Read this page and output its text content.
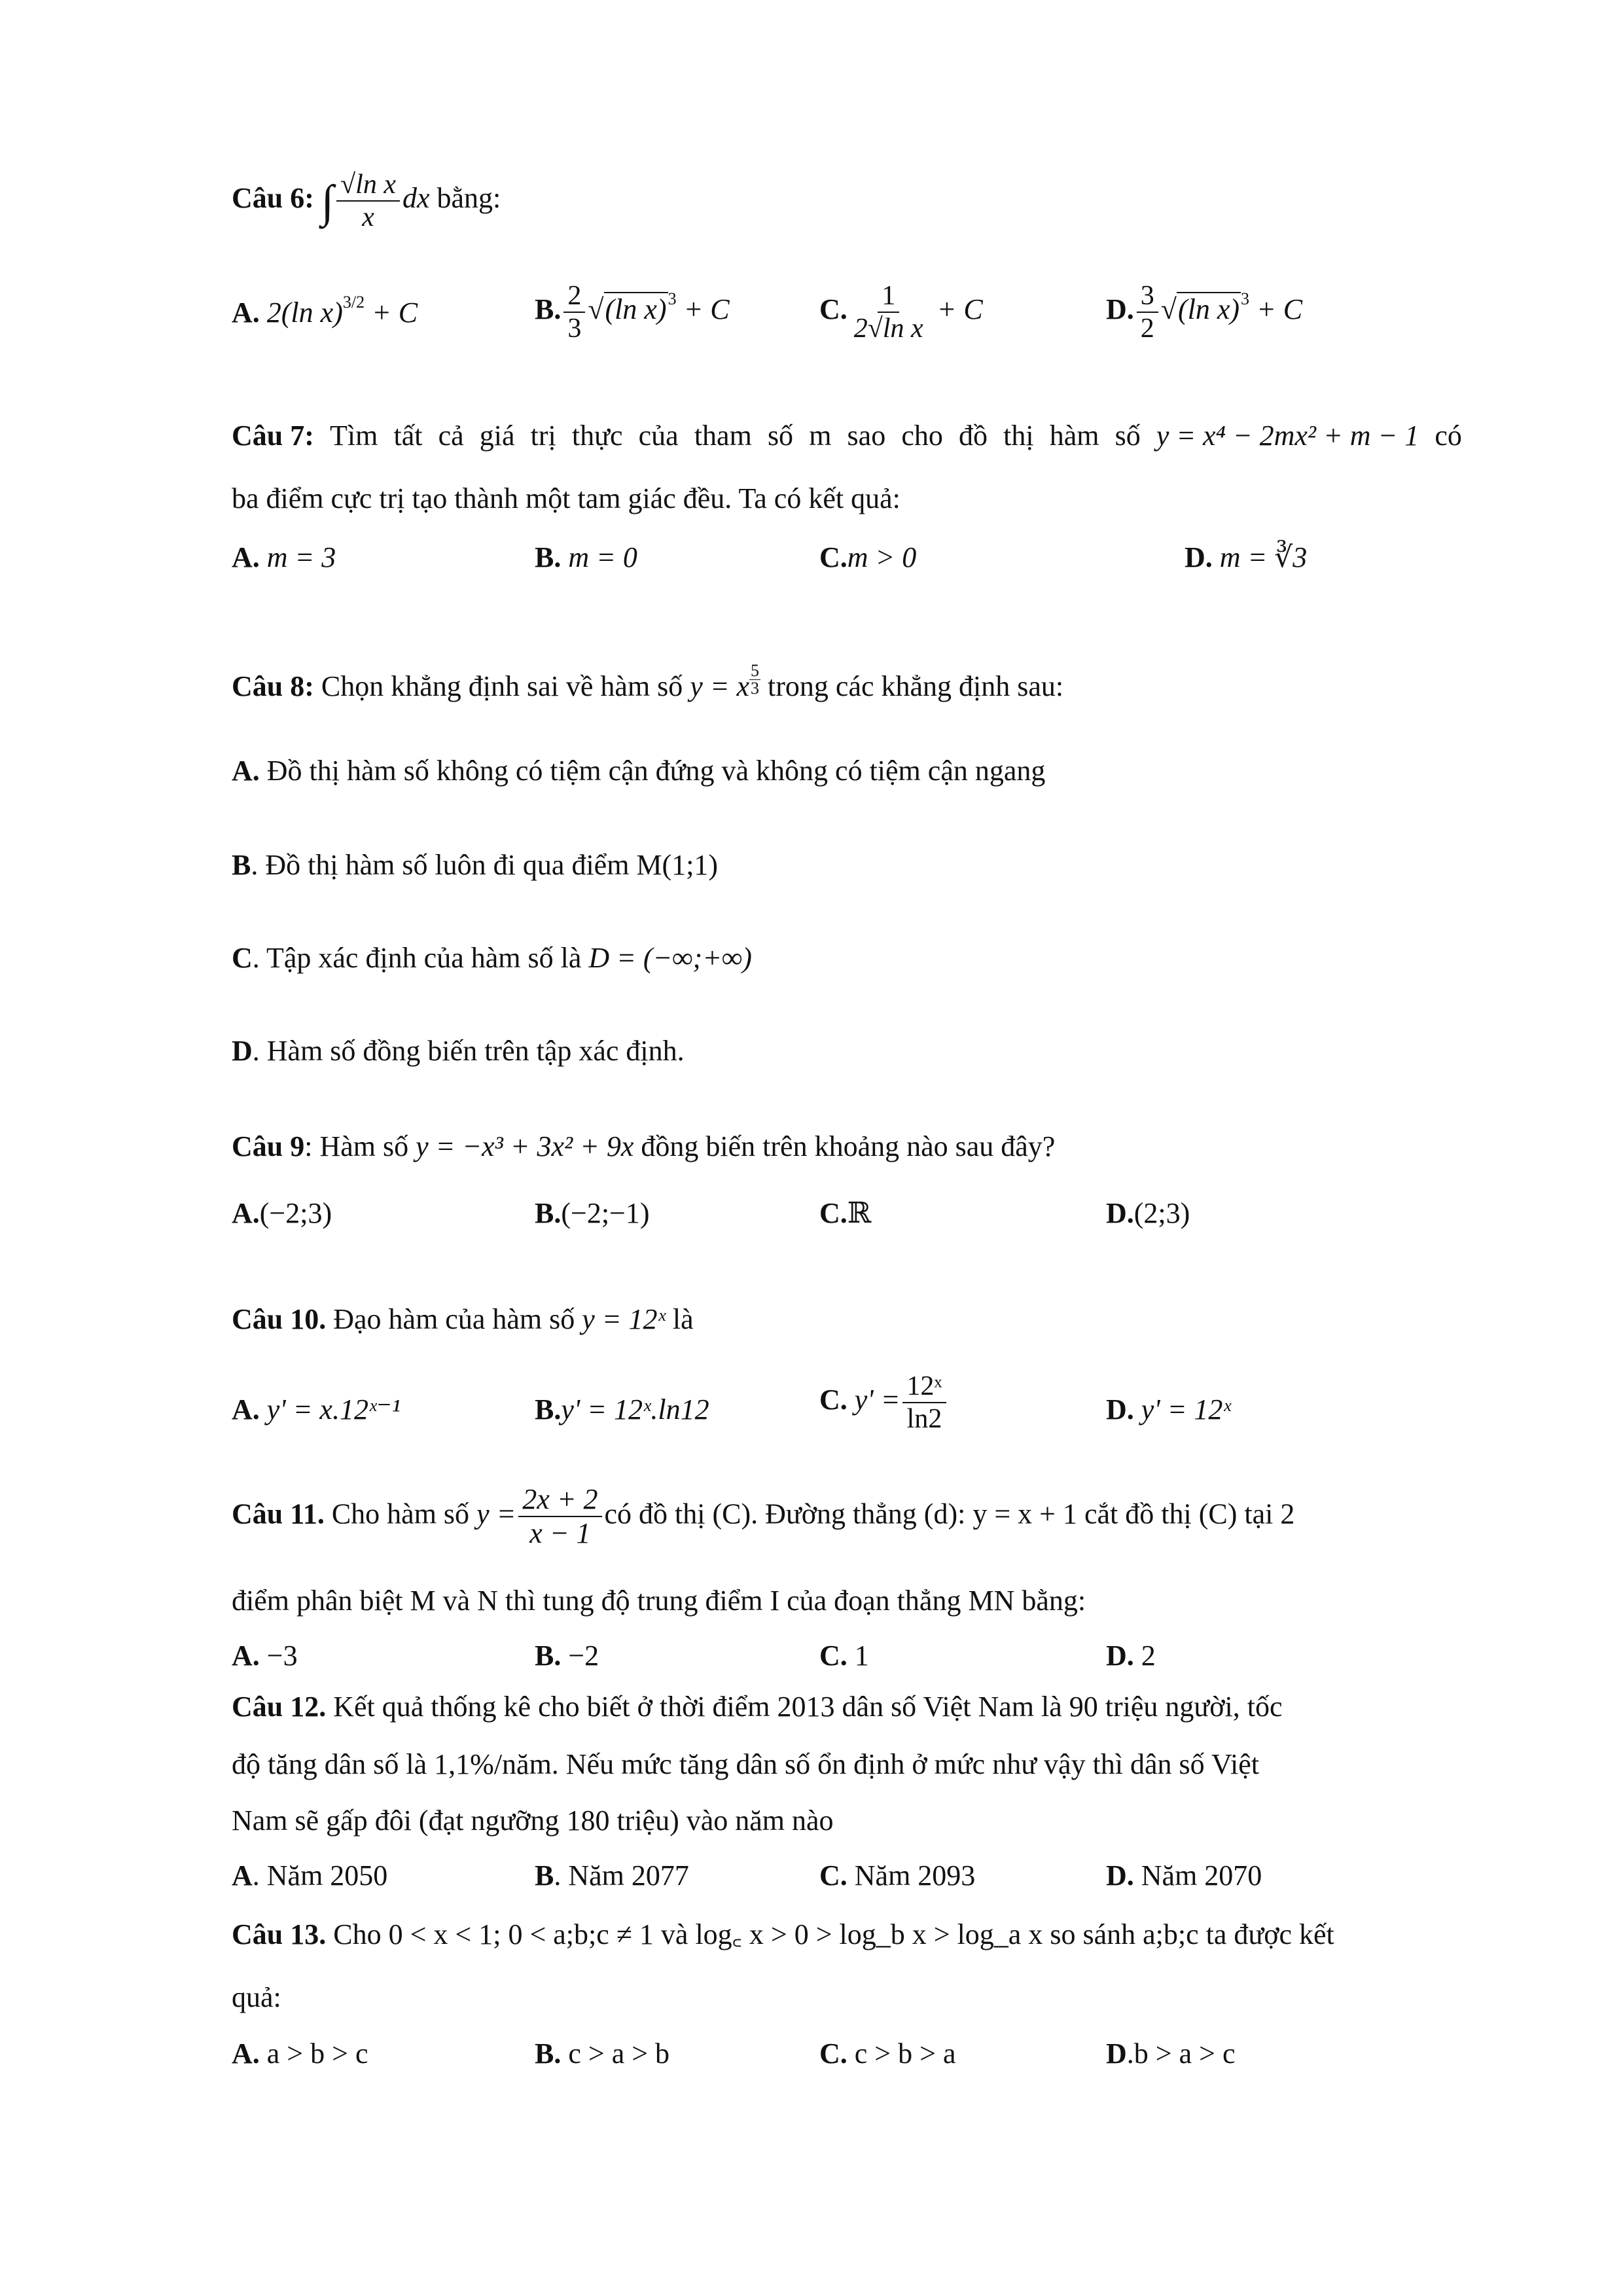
Câu 6: ∫ $\frac{\text{√ln x}}{x}$ dx bằng:
A. 2(ln x)$^{3/2}$ + C	B. $\frac{2}{3} √(\ln$ x)$^3$ + C	C. $\frac{1}{\text{2√ln x}} + C$	D. $\frac{3}{2} √(\ln$ x)$^3$ + C
Câu 7: Tìm tất cả giá trị thực của tham số m sao cho đồ thị hàm số y = x⁴ − 2mx² + m − 1 có
ba điểm cực trị tạo thành một tam giác đều. Ta có kết quả:
A. m = 3	B. m = 0	C.m > 0	D. m = ∛3
Câu 8: Chọn khẳng định sai về hàm số y = x $\frac{5}{3}$ trong các khẳng định sau:
A. Đồ thị hàm số không có tiệm cận đứng và không có tiệm cận ngang
B. Đồ thị hàm số luôn đi qua điểm M(1;1)
C. Tập xác định của hàm số là D = (−∞;+∞)
D. Hàm số đồng biến trên tập xác định.
Câu 9: Hàm số y = −x³ + 3x² + 9x đồng biến trên khoảng nào sau đây?
A.(−2;3)	B.(−2;−1)	C.ℝ	D.(2;3)
Câu 10. Đạo hàm của hàm số y = 12ˣ là
A. y' = x.12ˣ⁻¹	B.y' = 12ˣ.ln12	C. $y' = \frac{\text{12ˣ}}{\ln 2}$	D. y' = 12ˣ
Câu 11. Cho hàm số $y = \frac{2x + 2}{x - 1}$ có đồ thị (C). Đường thẳng (d): y = x + 1 cắt đồ thị (C) tại 2
điểm phân biệt M và N thì tung độ trung điểm I của đoạn thẳng MN bằng:
A. −3	B. −2	C. 1	D. 2
Câu 12. Kết quả thống kê cho biết ở thời điểm 2013 dân số Việt Nam là 90 triệu người, tốc
độ tăng dân số là 1,1%/năm. Nếu mức tăng dân số ổn định ở mức như vậy thì dân số Việt
Nam sẽ gấp đôi (đạt ngưỡng 180 triệu) vào năm nào
A. Năm 2050	B. Năm 2077	C. Năm 2093	D. Năm 2070
Câu 13. Cho 0 < x < 1; 0 < a;b;c ≠ 1 và log꜀ x > 0 > log_b x > log_a x so sánh a;b;c ta được kết
quả:
A. a > b > c	B. c > a > b	C. c > b > a	D.b > a > c
